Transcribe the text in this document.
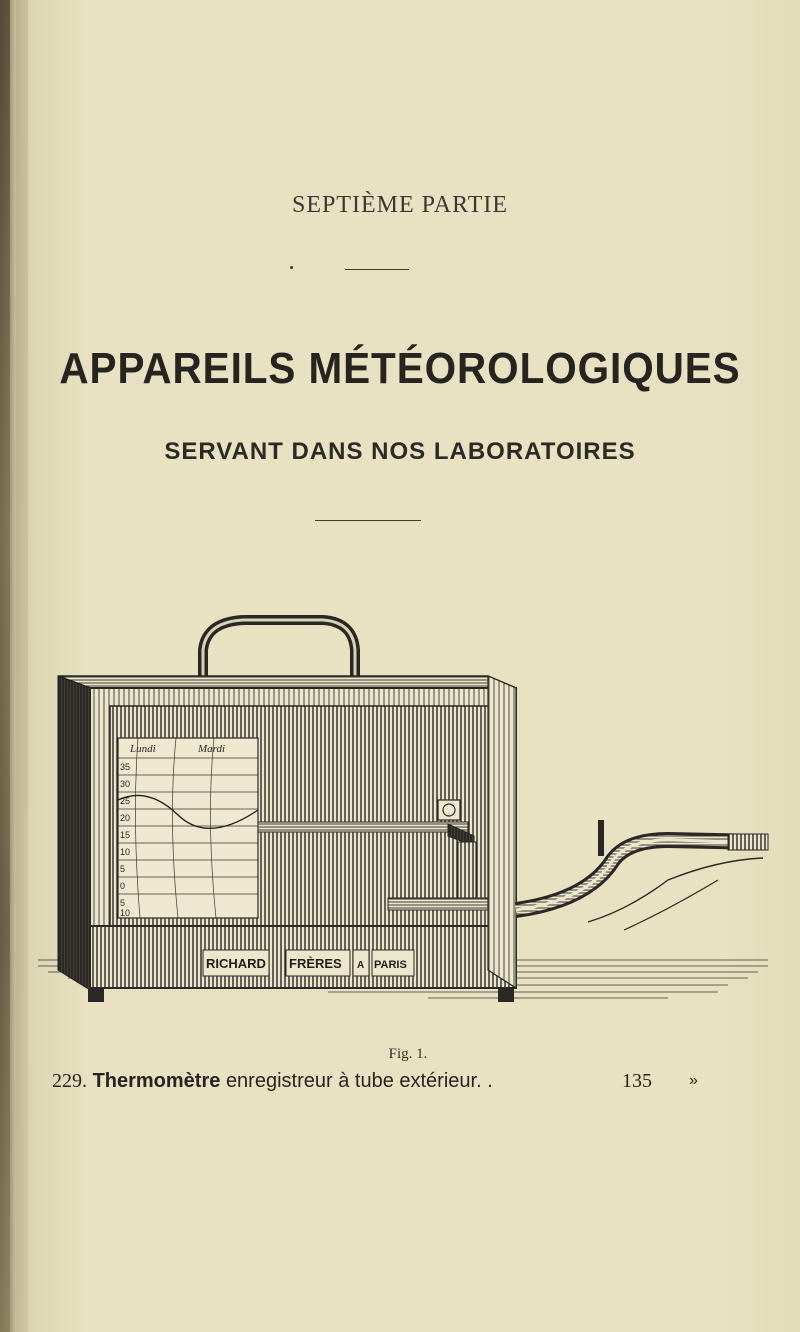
SEPTIÈME PARTIE
APPAREILS MÉTÉOROLOGIQUES
SERVANT DANS NOS LABORATOIRES
Lundi	Mardi
35
30
25
20
15
10
5
0
5
10
RICHARD FRÈRES A PARIS
Fig. 1.
229. Thermomètre enregistreur à tube extérieur. .	135 »
